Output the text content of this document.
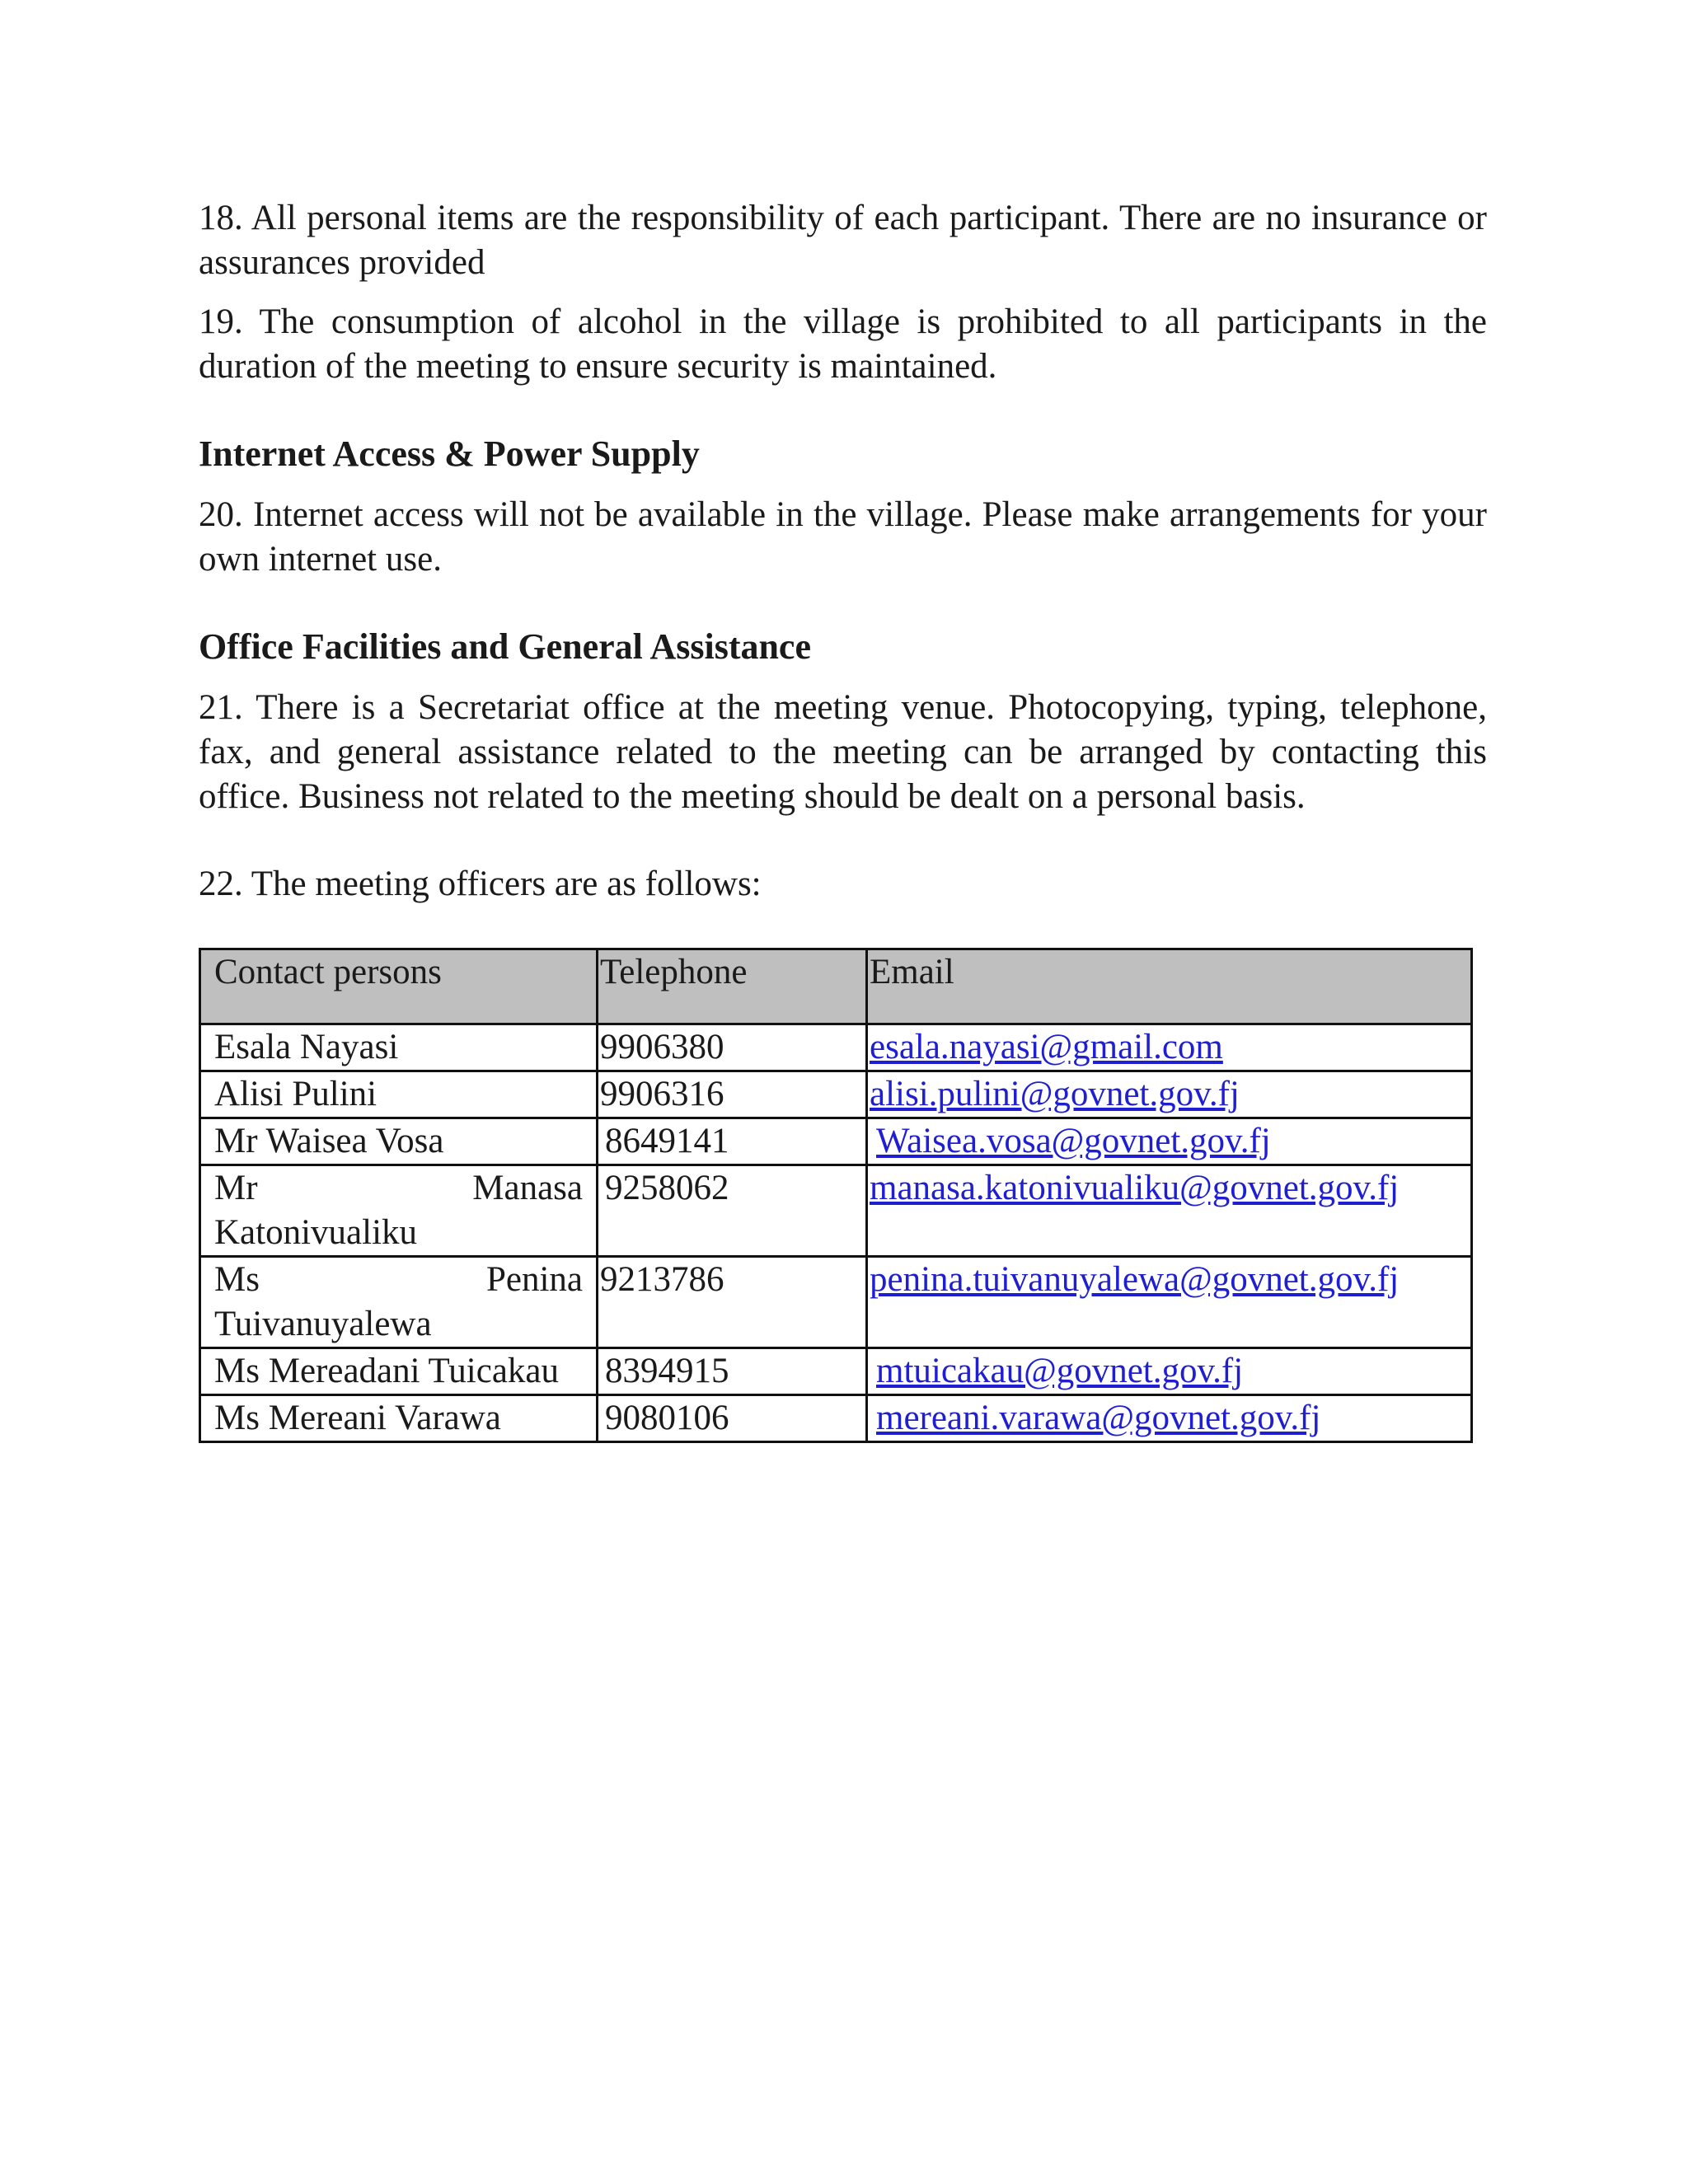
18. All personal items are the responsibility of each participant. There are no insurance or assurances provided

19. The consumption of alcohol in the village is prohibited to all participants in the duration of the meeting to ensure security is maintained.

Internet Access & Power Supply

20. Internet access will not be available in the village. Please make arrangements for your own internet use.

Office Facilities and General Assistance

21. There is a Secretariat office at the meeting venue. Photocopying, typing, telephone, fax, and general assistance related to the meeting can be arranged by contacting this office. Business not related to the meeting should be dealt on a personal basis.

22. The meeting officers are as follows:

Contact persons	Telephone	Email
Esala Nayasi	9906380	esala.nayasi@gmail.com
Alisi Pulini	9906316	alisi.pulini@govnet.gov.fj
Mr Waisea Vosa	8649141	Waisea.vosa@govnet.gov.fj
Mr Manasa Katonivualiku	9258062	manasa.katonivualiku@govnet.gov.fj
Ms Penina Tuivanuyalewa	9213786	penina.tuivanuyalewa@govnet.gov.fj
Ms Mereadani Tuicakau	8394915	mtuicakau@govnet.gov.fj
Ms Mereani Varawa	9080106	mereani.varawa@govnet.gov.fj
